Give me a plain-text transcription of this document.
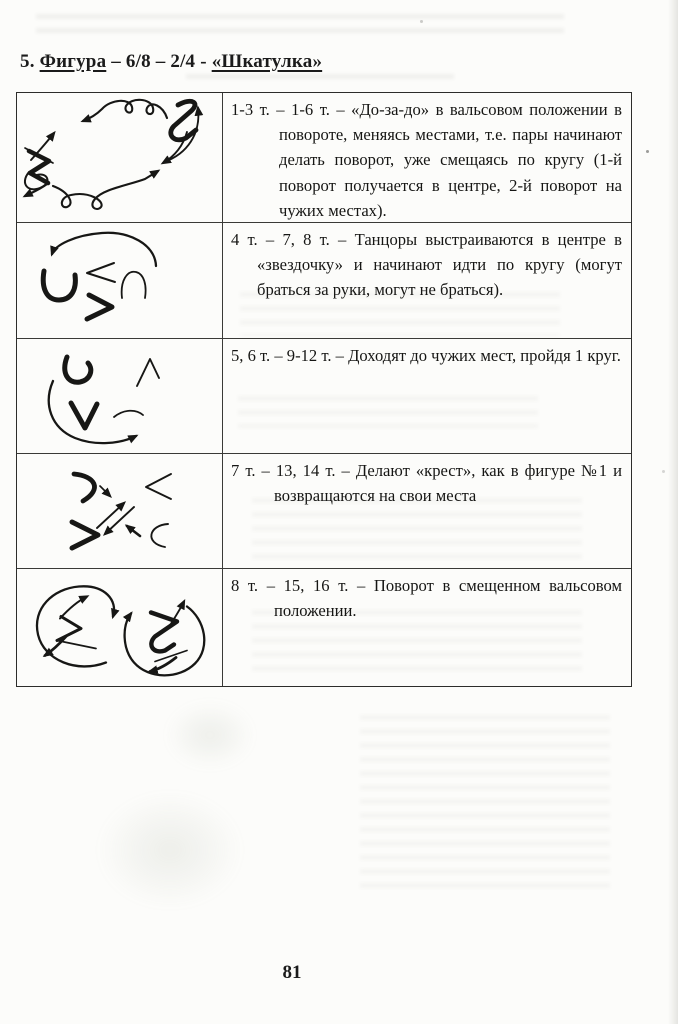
5. Фигура – 6/8 – 2/4 - «Шкатулка»

1-3 т. – 1-6 т. – «До-за-до» в вальсовом положении в повороте, меняясь местами, т.е. пары начинают делать поворот, уже смещаясь по кругу (1-й поворот получается в центре, 2-й поворот на чужих местах).

4 т. – 7, 8 т. – Танцоры выстраиваются в центре в «звездочку» и начинают идти по кругу (могут браться за руки, могут не браться).

5, 6 т. – 9-12 т. – Доходят до чужих мест, пройдя 1 круг.

7 т. – 13, 14 т. – Делают «крест», как в фигуре №1 и возвращаются на свои места

8 т. – 15, 16 т. – Поворот в смещенном вальсовом положении.

81
